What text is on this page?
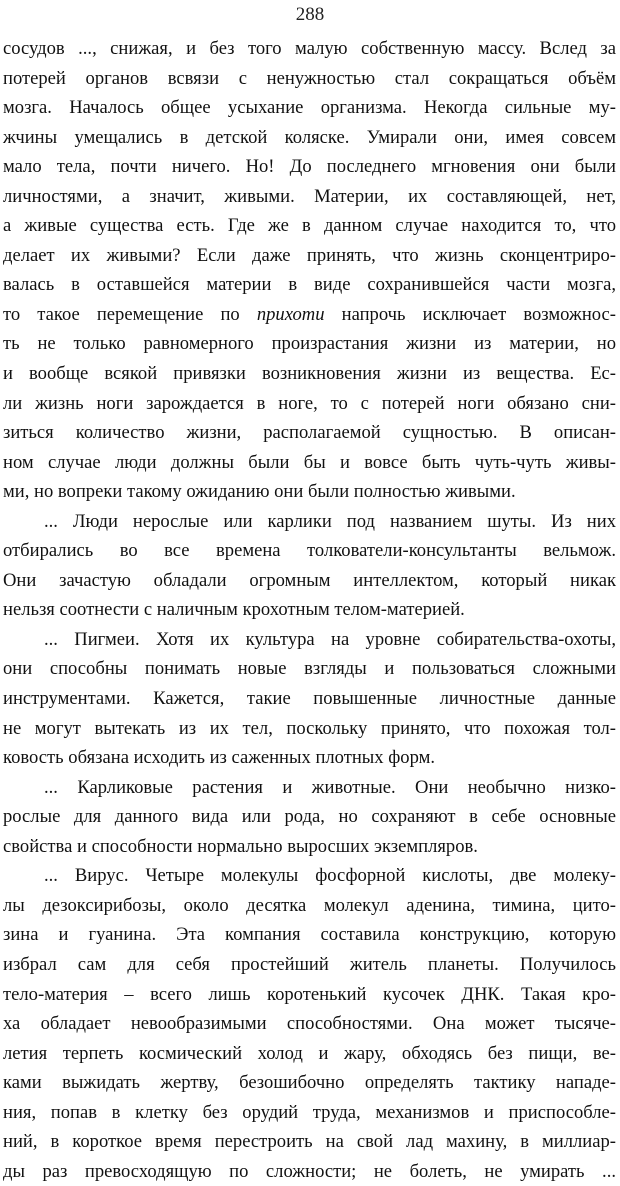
288
сосудов ..., снижая, и без того малую собственную массу. Вслед за
потерей органов всвязи с ненужностью стал сокращаться объём
мозга. Началось общее усыхание организма. Некогда сильные му-
жчины умещались в детской коляске. Умирали они, имея совсем
мало тела, почти ничего. Но! До последнего мгновения они были
личностями, а значит, живыми. Материи, их составляющей, нет,
а живые существа есть. Где же в данном случае находится то, что
делает их живыми? Если даже принять, что жизнь сконцентриро-
валась в оставшейся материи в виде сохранившейся части мозга,
то такое перемещение по прихоти напрочь исключает возможнос-
ть не только равномерного произрастания жизни из материи, но
и вообще всякой привязки возникновения жизни из вещества. Ес-
ли жизнь ноги зарождается в ноге, то с потерей ноги обязано сни-
зиться количество жизни, располагаемой сущностью. В описан-
ном случае люди должны были бы и вовсе быть чуть-чуть живы-
ми, но вопреки такому ожиданию они были полностью живыми.
... Люди нерослые или карлики под названием шуты. Из них
отбирались во все времена толкователи-консультанты вельмож.
Они зачастую обладали огромным интеллектом, который никак
нельзя соотнести с наличным крохотным телом-материей.
... Пигмеи. Хотя их культура на уровне собирательства-охоты,
они способны понимать новые взгляды и пользоваться сложными
инструментами. Кажется, такие повышенные личностные данные
не могут вытекать из их тел, поскольку принято, что похожая тол-
ковость обязана исходить из саженных плотных форм.
... Карликовые растения и животные. Они необычно низко-
рослые для данного вида или рода, но сохраняют в себе основные
свойства и способности нормально выросших экземпляров.
... Вирус. Четыре молекулы фосфорной кислоты, две молеку-
лы дезоксирибозы, около десятка молекул аденина, тимина, цито-
зина и гуанина. Эта компания составила конструкцию, которую
избрал сам для себя простейший житель планеты. Получилось
тело-материя – всего лишь коротенький кусочек ДНК. Такая кро-
ха обладает невообразимыми способностями. Она может тысяче-
летия терпеть космический холод и жару, обходясь без пищи, ве-
ками выжидать жертву, безошибочно определять тактику нападе-
ния, попав в клетку без орудий труда, механизмов и приспособле-
ний, в короткое время перестроить на свой лад махину, в миллиар-
ды раз превосходящую по сложности; не болеть, не умирать ...
